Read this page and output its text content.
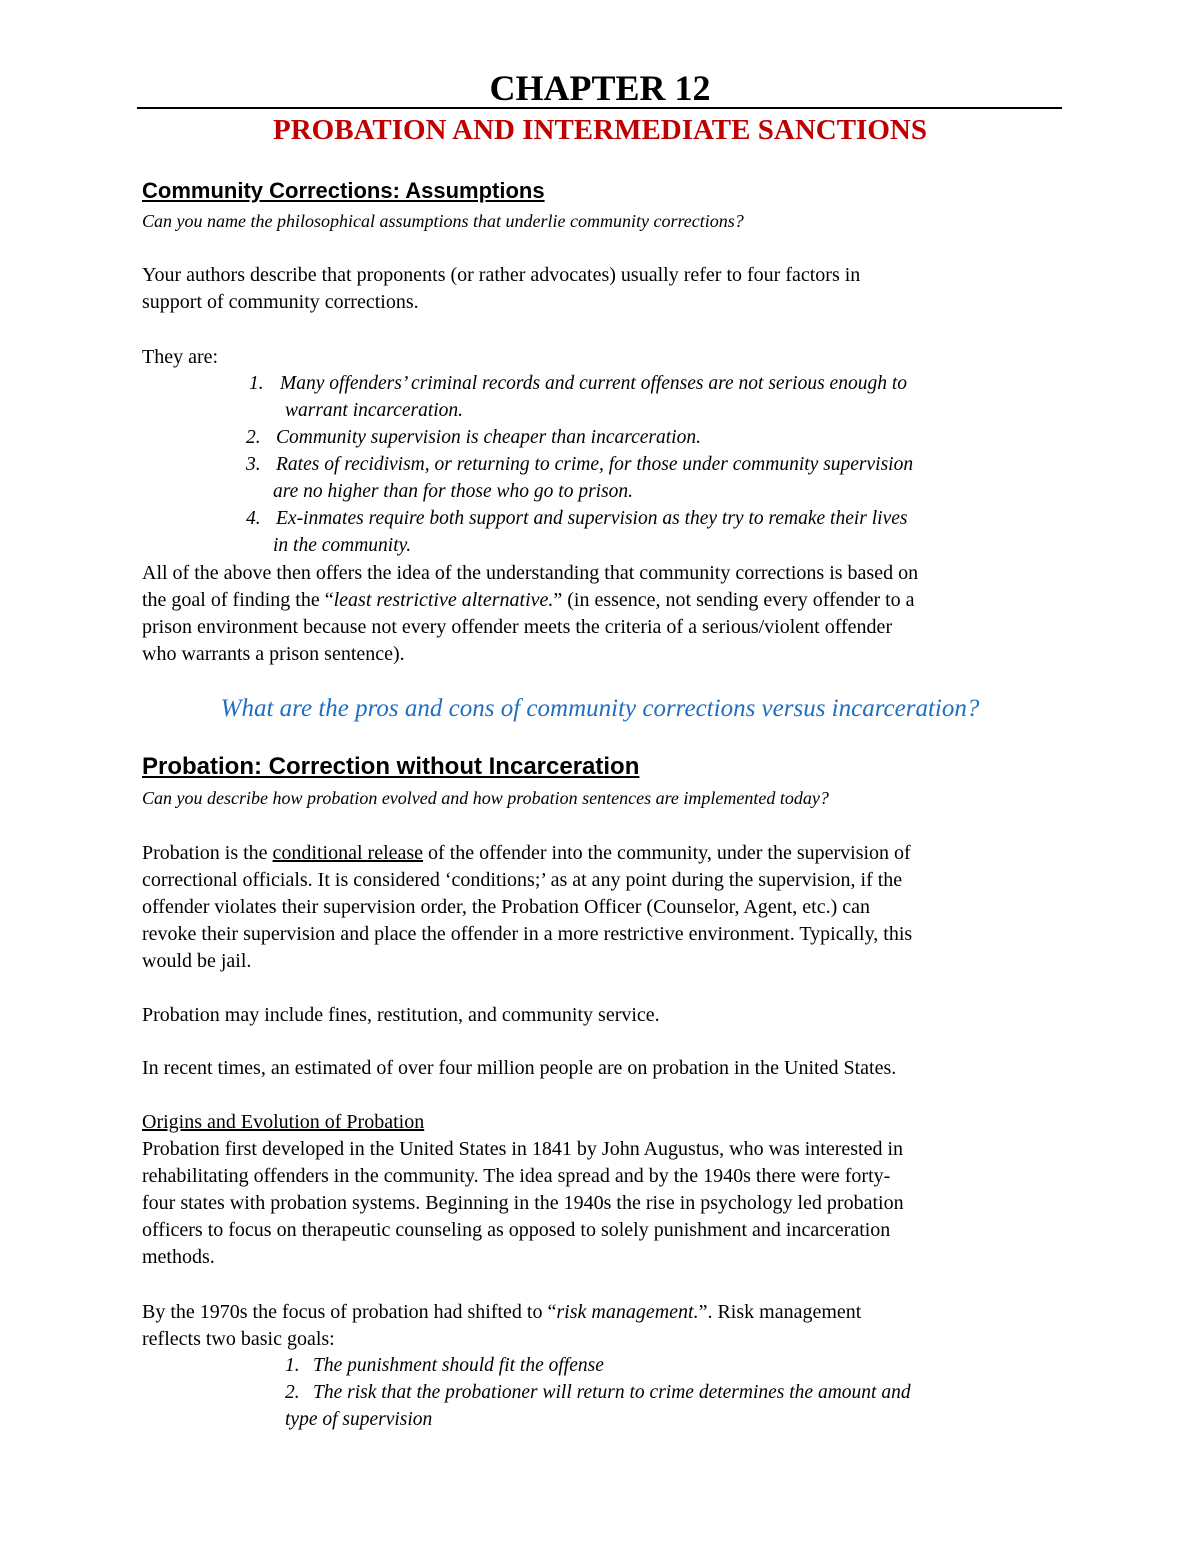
CHAPTER 12
PROBATION AND INTERMEDIATE SANCTIONS
Community Corrections: Assumptions
Can you name the philosophical assumptions that underlie community corrections?
Your authors describe that proponents (or rather advocates) usually refer to four factors in
support of community corrections.
They are:
1. Many offenders’ criminal records and current offenses are not serious enough to
warrant incarceration.
2. Community supervision is cheaper than incarceration.
3. Rates of recidivism, or returning to crime, for those under community supervision
are no higher than for those who go to prison.
4. Ex-inmates require both support and supervision as they try to remake their lives
in the community.
All of the above then offers the idea of the understanding that community corrections is based on
the goal of finding the “least restrictive alternative.” (in essence, not sending every offender to a
prison environment because not every offender meets the criteria of a serious/violent offender
who warrants a prison sentence).
What are the pros and cons of community corrections versus incarceration?
Probation: Correction without Incarceration
Can you describe how probation evolved and how probation sentences are implemented today?
Probation is the conditional release of the offender into the community, under the supervision of
correctional officials. It is considered ‘conditions;’ as at any point during the supervision, if the
offender violates their supervision order, the Probation Officer (Counselor, Agent, etc.) can
revoke their supervision and place the offender in a more restrictive environment. Typically, this
would be jail.
Probation may include fines, restitution, and community service.
In recent times, an estimated of over four million people are on probation in the United States.
Origins and Evolution of Probation
Probation first developed in the United States in 1841 by John Augustus, who was interested in
rehabilitating offenders in the community. The idea spread and by the 1940s there were forty-
four states with probation systems. Beginning in the 1940s the rise in psychology led probation
officers to focus on therapeutic counseling as opposed to solely punishment and incarceration
methods.
By the 1970s the focus of probation had shifted to “risk management.”. Risk management
reflects two basic goals:
1. The punishment should fit the offense
2. The risk that the probationer will return to crime determines the amount and
type of supervision
